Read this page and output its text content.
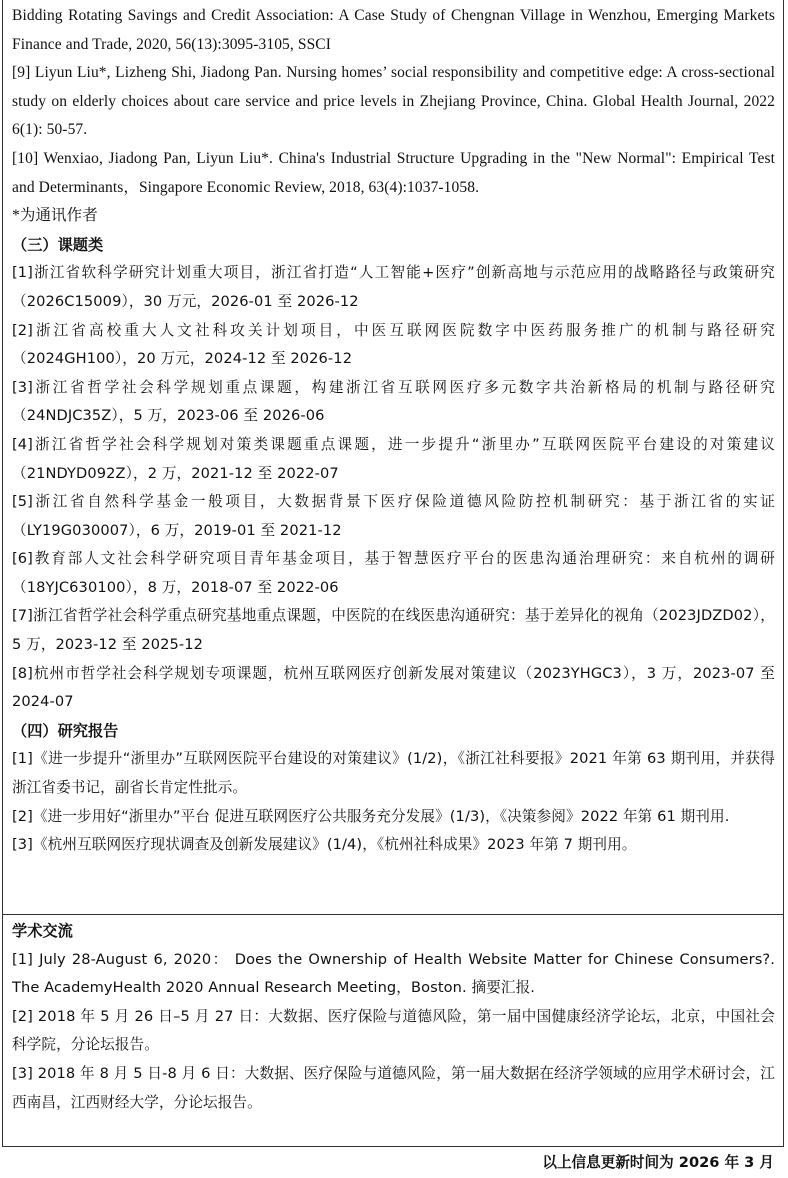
Bidding Rotating Savings and Credit Association: A Case Study of Chengnan Village in Wenzhou, Emerging Markets Finance and Trade, 2020, 56(13):3095-3105, SSCI

[9] Liyun Liu*, Lizheng Shi, Jiadong Pan. Nursing homes’ social responsibility and competitive edge: A cross-sectional study on elderly choices about care service and price levels in Zhejiang Province, China. Global Health Journal, 2022 6(1): 50-57.

[10] Wenxiao, Jiadong Pan, Liyun Liu*. China's Industrial Structure Upgrading in the "New Normal": Empirical Test and Determinants，Singapore Economic Review, 2018, 63(4):1037-1058.

*为通讯作者

（三）课题类

[1]浙江省软科学研究计划重大项目，浙江省打造“人工智能+医疗”创新高地与示范应用的战略路径与政策研究（2026C15009），30 万元，2026-01 至 2026-12

[2]浙江省高校重大人文社科攻关计划项目，中医互联网医院数字中医药服务推广的机制与路径研究（2024GH100），20 万元，2024-12 至 2026-12

[3]浙江省哲学社会科学规划重点课题，构建浙江省互联网医疗多元数字共治新格局的机制与路径研究（24NDJC35Z），5 万，2023-06 至 2026-06

[4]浙江省哲学社会科学规划对策类课题重点课题，进一步提升“浙里办”互联网医院平台建设的对策建议（21NDYD092Z），2 万，2021-12 至 2022-07

[5]浙江省自然科学基金一般项目，大数据背景下医疗保险道德风险防控机制研究：基于浙江省的实证（LY19G030007），6 万，2019-01 至 2021-12

[6]教育部人文社会科学研究项目青年基金项目，基于智慧医疗平台的医患沟通治理研究：来自杭州的调研（18YJC630100），8 万，2018-07 至 2022-06

[7]浙江省哲学社会科学重点研究基地重点课题，中医院的在线医患沟通研究：基于差异化的视角（2023JDZD02），5 万，2023-12 至 2025-12

[8]杭州市哲学社会科学规划专项课题，杭州互联网医疗创新发展对策建议（2023YHGC3），3 万，2023-07 至 2024-07

（四）研究报告

[1]《进一步提升“浙里办”互联网医院平台建设的对策建议》(1/2)，《浙江社科要报》2021 年第 63 期刊用，并获得浙江省委书记，副省长肯定性批示。

[2]《进一步用好“浙里办”平台 促进互联网医疗公共服务充分发展》(1/3)，《决策参阅》2022 年第 61 期刊用.

[3]《杭州互联网医疗现状调查及创新发展建议》(1/4)，《杭州社科成果》2023 年第 7 期刊用。

学术交流

[1] July 28-August 6, 2020： Does the Ownership of Health Website Matter for Chinese Consumers?. The AcademyHealth 2020 Annual Research Meeting，Boston. 摘要汇报.

[2] 2018 年 5 月 26 日–5 月 27 日：大数据、医疗保险与道德风险，第一届中国健康经济学论坛，北京，中国社会科学院，分论坛报告。

[3] 2018 年 8 月 5 日-8 月 6 日：大数据、医疗保险与道德风险，第一届大数据在经济学领域的应用学术研讨会，江西南昌，江西财经大学，分论坛报告。

以上信息更新时间为 2026 年 3 月
